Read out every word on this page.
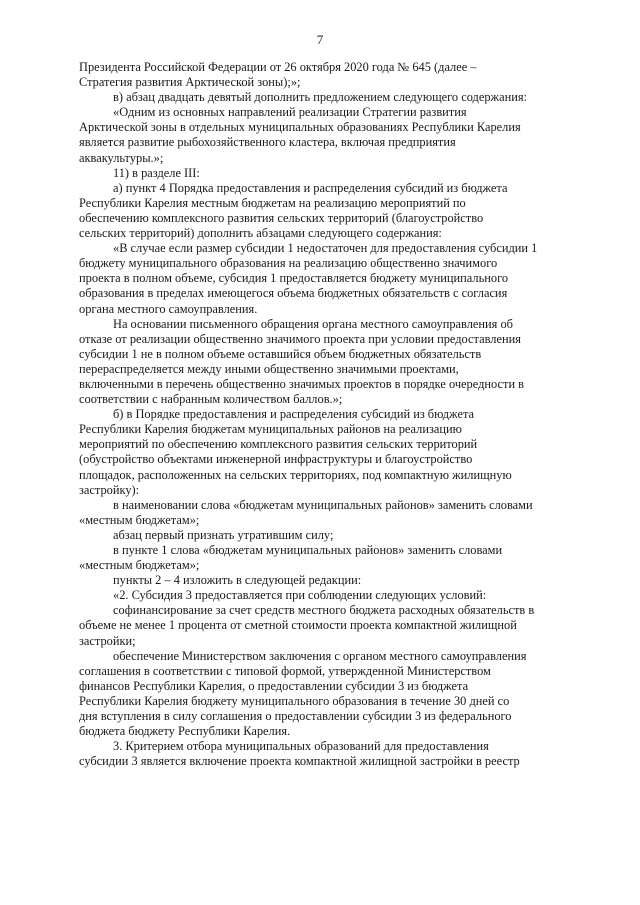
7

Президента Российской Федерации от 26 октября 2020 года № 645 (далее –
Стратегия развития Арктической зоны);»;

в) абзац двадцать девятый дополнить предложением следующего содержания:

«Одним из основных направлений реализации Стратегии развития
Арктической зоны в отдельных муниципальных образованиях Республики Карелия
является развитие рыбохозяйственного кластера, включая предприятия
аквакультуры.»;

11) в разделе III:

а) пункт 4 Порядка предоставления и распределения субсидий из бюджета
Республики Карелия местным бюджетам на реализацию мероприятий по
обеспечению комплексного развития сельских территорий (благоустройство
сельских территорий) дополнить абзацами следующего содержания:

«В случае если размер субсидии 1 недостаточен для предоставления субсидии 1
бюджету муниципального образования на реализацию общественно значимого
проекта в полном объеме, субсидия 1 предоставляется бюджету муниципального
образования в пределах имеющегося объема бюджетных обязательств с согласия
органа местного самоуправления.

На основании письменного обращения органа местного самоуправления об
отказе от реализации общественно значимого проекта при условии предоставления
субсидии 1 не в полном объеме оставшийся объем бюджетных обязательств
перераспределяется между иными общественно значимыми проектами,
включенными в перечень общественно значимых проектов в порядке очередности в
соответствии с набранным количеством баллов.»;

б) в Порядке предоставления и распределения субсидий из бюджета
Республики Карелия бюджетам муниципальных районов на реализацию
мероприятий по обеспечению комплексного развития сельских территорий
(обустройство объектами инженерной инфраструктуры и благоустройство
площадок, расположенных на сельских территориях, под компактную жилищную
застройку):

в наименовании слова «бюджетам муниципальных районов» заменить словами
«местным бюджетам»;

абзац первый признать утратившим силу;

в пункте 1 слова «бюджетам муниципальных районов» заменить словами
«местным бюджетам»;

пункты 2 – 4 изложить в следующей редакции:

«2. Субсидия 3 предоставляется при соблюдении следующих условий:

софинансирование за счет средств местного бюджета расходных обязательств в
объеме не менее 1 процента от сметной стоимости проекта компактной жилищной
застройки;

обеспечение Министерством заключения с органом местного самоуправления
соглашения в соответствии с типовой формой, утвержденной Министерством
финансов Республики Карелия, о предоставлении субсидии 3 из бюджета
Республики Карелия бюджету муниципального образования в течение 30 дней со
дня вступления в силу соглашения о предоставлении субсидии 3 из федерального
бюджета бюджету Республики Карелия.

3. Критерием отбора муниципальных образований для предоставления
субсидии 3 является включение проекта компактной жилищной застройки в реестр
